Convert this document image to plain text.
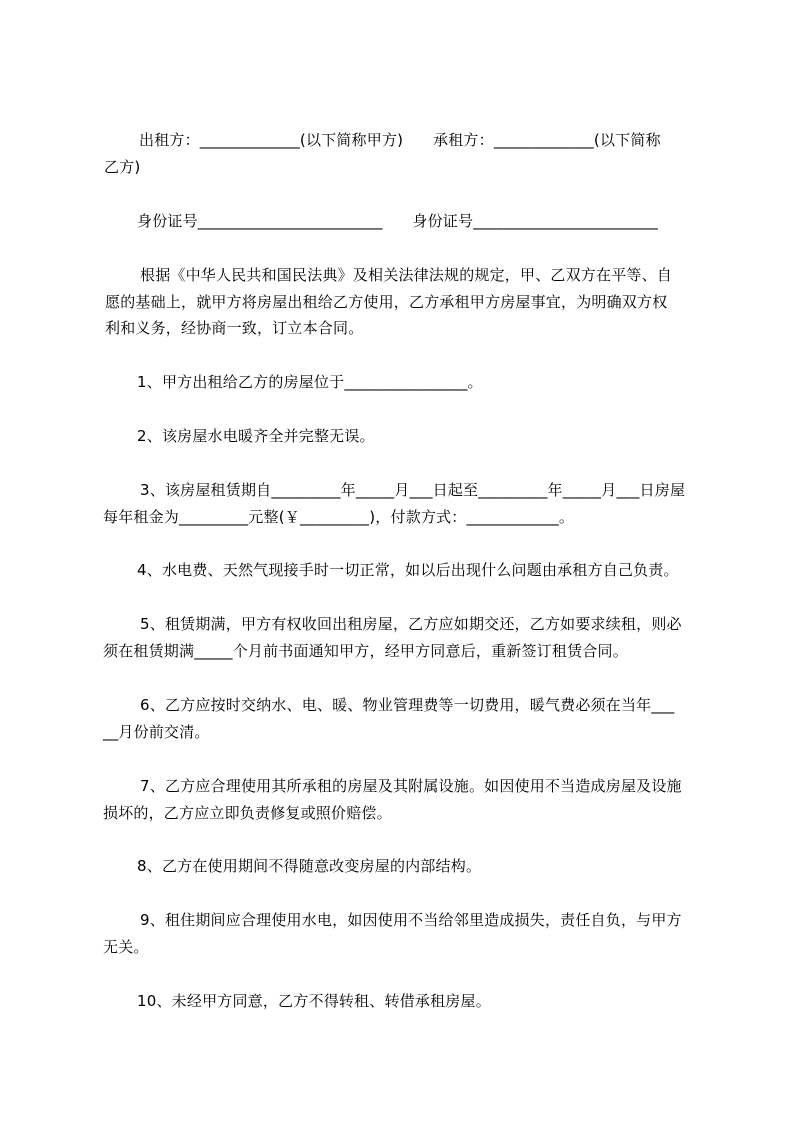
出租方：_____________(以下简称甲方)      承租方：_____________(以下简称
乙方)
身份证号________________________      身份证号________________________
根据《中华人民共和国民法典》及相关法律法规的规定，甲、乙双方在平等、自
愿的基础上，就甲方将房屋出租给乙方使用，乙方承租甲方房屋事宜，为明确双方权
利和义务，经协商一致，订立本合同。
1、甲方出租给乙方的房屋位于________________。
2、该房屋水电暖齐全并完整无误。
3、该房屋租赁期自_________年_____月___日起至_________年_____月___日房屋
每年租金为_________元整(￥_________)，付款方式：____________。
4、水电费、天然气现接手时一切正常，如以后出现什么问题由承租方自己负责。
5、租赁期满，甲方有权收回出租房屋，乙方应如期交还，乙方如要求续租，则必
须在租赁期满_____个月前书面通知甲方，经甲方同意后，重新签订租赁合同。
6、乙方应按时交纳水、电、暖、物业管理费等一切费用，暖气费必须在当年___
__月份前交清。
7、乙方应合理使用其所承租的房屋及其附属设施。如因使用不当造成房屋及设施
损坏的，乙方应立即负责修复或照价赔偿。
8、乙方在使用期间不得随意改变房屋的内部结构。
9、租住期间应合理使用水电，如因使用不当给邻里造成损失，责任自负，与甲方
无关。
10、未经甲方同意，乙方不得转租、转借承租房屋。
